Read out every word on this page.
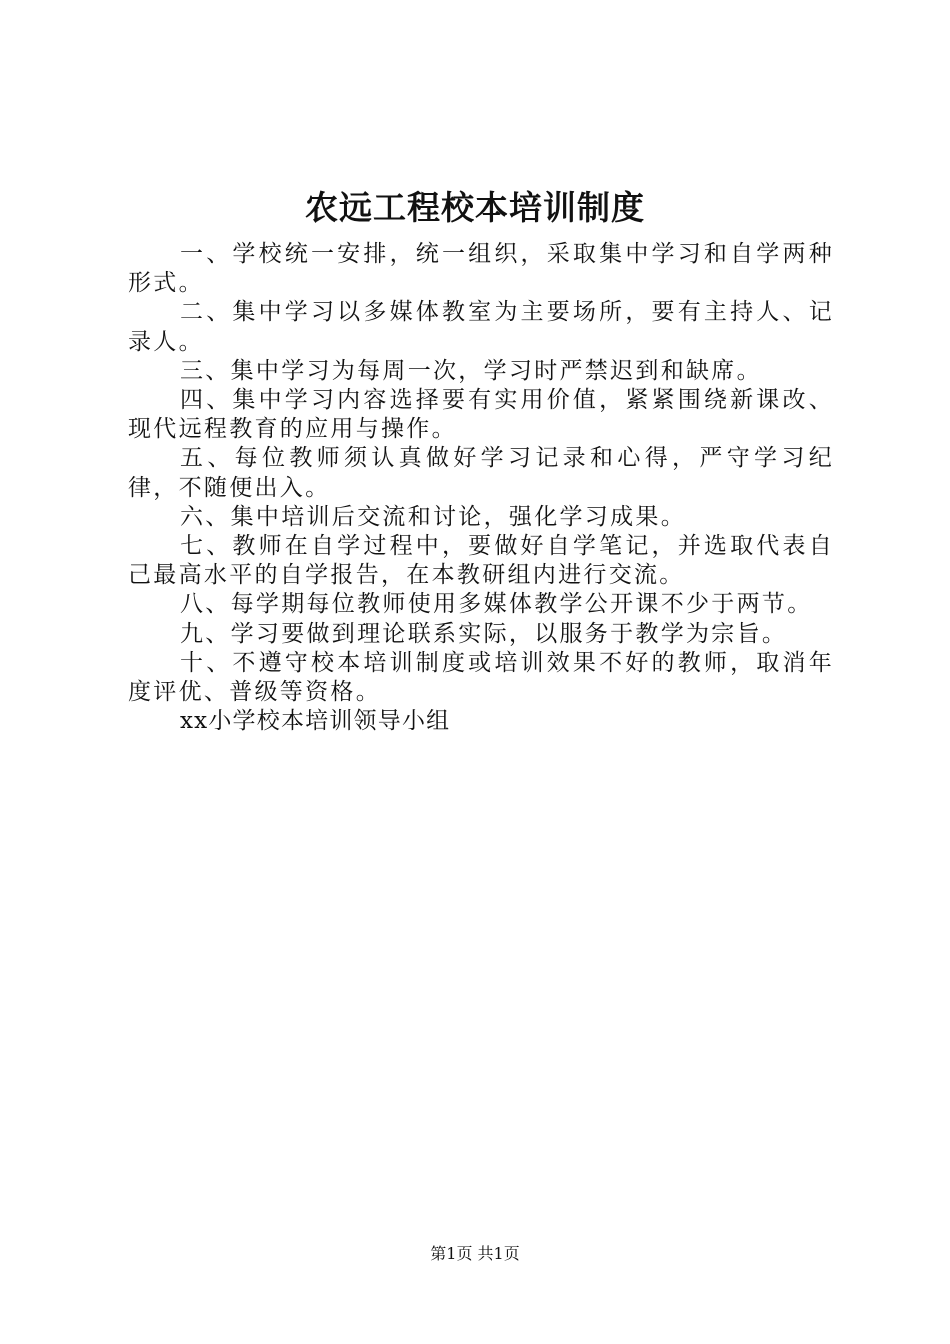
农远工程校本培训制度

一、学校统一安排，统一组织，采取集中学习和自学两种形式。

二、集中学习以多媒体教室为主要场所，要有主持人、记录人。

三、集中学习为每周一次，学习时严禁迟到和缺席。

四、集中学习内容选择要有实用价值，紧紧围绕新课改、现代远程教育的应用与操作。

五、每位教师须认真做好学习记录和心得，严守学习纪律，不随便出入。

六、集中培训后交流和讨论，强化学习成果。

七、教师在自学过程中，要做好自学笔记，并选取代表自己最高水平的自学报告，在本教研组内进行交流。

八、每学期每位教师使用多媒体教学公开课不少于两节。

九、学习要做到理论联系实际，以服务于教学为宗旨。

十、不遵守校本培训制度或培训效果不好的教师，取消年度评优、普级等资格。

xx小学校本培训领导小组

第1页 共1页
